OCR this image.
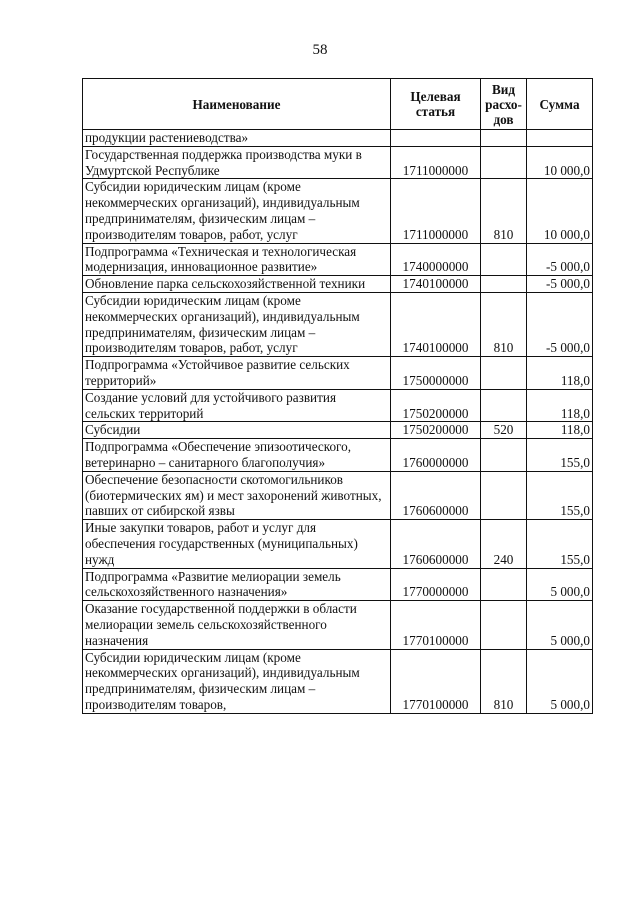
58
Наименование	Целевая статья	Вид расхо-дов	Сумма
продукции растениеводства»			
Государственная поддержка производства муки в Удмуртской Республике	1711000000		10 000,0
Субсидии юридическим лицам (кроме некоммерческих организаций), индивидуальным предпринимателям, физическим лицам – производителям товаров, работ, услуг	1711000000	810	10 000,0
Подпрограмма «Техническая и технологическая модернизация, инновационное развитие»	1740000000		-5 000,0
Обновление парка сельскохозяйственной техники	1740100000		-5 000,0
Субсидии юридическим лицам (кроме некоммерческих организаций), индивидуальным предпринимателям, физическим лицам – производителям товаров, работ, услуг	1740100000	810	-5 000,0
Подпрограмма «Устойчивое развитие сельских территорий»	1750000000		118,0
Создание условий для устойчивого развития сельских территорий	1750200000		118,0
Субсидии	1750200000	520	118,0
Подпрограмма «Обеспечение эпизоотического, ветеринарно – санитарного благополучия»	1760000000		155,0
Обеспечение безопасности скотомогильников (биотермических ям) и мест захоронений животных, павших от сибирской язвы	1760600000		155,0
Иные закупки товаров, работ и услуг для обеспечения государственных (муниципальных) нужд	1760600000	240	155,0
Подпрограмма «Развитие мелиорации земель сельскохозяйственного назначения»	1770000000		5 000,0
Оказание государственной поддержки в области мелиорации земель сельскохозяйственного назначения	1770100000		5 000,0
Субсидии юридическим лицам (кроме некоммерческих организаций), индивидуальным предпринимателям, физическим лицам – производителям товаров,	1770100000	810	5 000,0
